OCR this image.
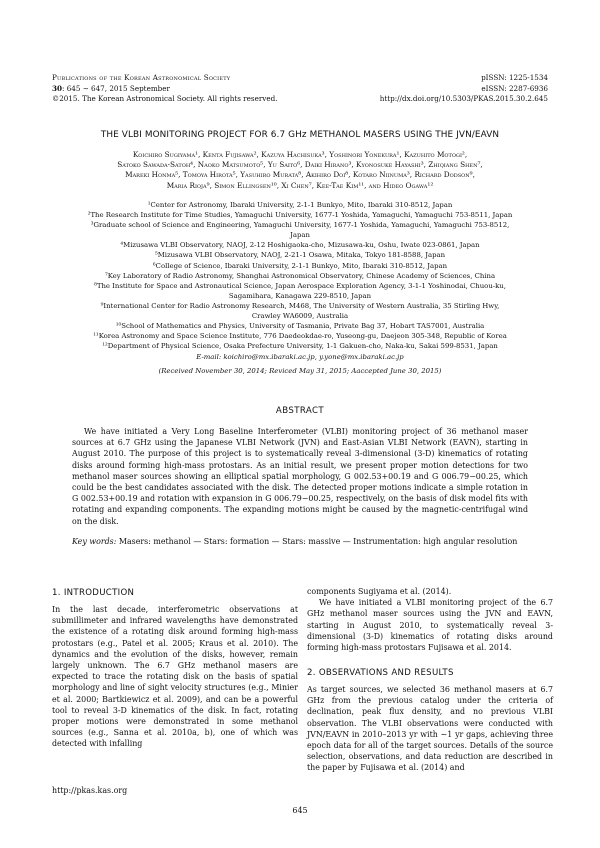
Publications of the Korean Astronomical Society
30: 645 ∼ 647, 2015 September
©2015. The Korean Astronomical Society. All rights reserved.
pISSN: 1225-1534
eISSN: 2287-6936
http://dx.doi.org/10.5303/PKAS.2015.30.2.645
THE VLBI MONITORING PROJECT FOR 6.7 GHz METHANOL MASERS USING THE JVN/EAVN
Koichiro Sugiyama¹, Kenta Fujisawa², Kazuya Hachisuka³, Yoshinori Yonekura¹, Kazuhito Motogi²,
Satoko Sawada-Satoh⁴, Naoko Matsumoto⁵, Yu Saito⁶, Daiki Hirano³, Kyonosuke Hayashi³, Zhiqiang Shen⁷,
Mareki Honma⁵, Tomoya Hirota⁵, Yasuhiro Murata⁸, Akihiro Doi⁸, Kotaro Niinuma³, Richard Dodson⁹,
Maria Rioja⁹, Simon Ellingsen¹⁰, Xi Chen⁷, Kee-Tae Kim¹¹, and Hideo Ogawa¹²
¹Center for Astronomy, Ibaraki University, 2-1-1 Bunkyo, Mito, Ibaraki 310-8512, Japan
²The Research Institute for Time Studies, Yamaguchi University, 1677-1 Yoshida, Yamaguchi, Yamaguchi 753-8511, Japan
³Graduate school of Science and Engineering, Yamaguchi University, 1677-1 Yoshida, Yamaguchi, Yamaguchi 753-8512,
Japan
⁴Mizusawa VLBI Observatory, NAOJ, 2-12 Hoshigaoka-cho, Mizusawa-ku, Oshu, Iwate 023-0861, Japan
⁵Mizusawa VLBI Observatory, NAOJ, 2-21-1 Osawa, Mitaka, Tokyo 181-8588, Japan
⁶College of Science, Ibaraki University, 2-1-1 Bunkyo, Mito, Ibaraki 310-8512, Japan
⁷Key Laboratory of Radio Astronomy, Shanghai Astronomical Observatory, Chinese Academy of Sciences, China
⁸The Institute for Space and Astronautical Science, Japan Aerospace Exploration Agency, 3-1-1 Yoshinodai, Chuou-ku,
Sagamihara, Kanagawa 229-8510, Japan
⁹International Center for Radio Astronomy Research, M468, The University of Western Australia, 35 Stirling Hwy,
Crawley WA6009, Australia
¹⁰School of Mathematics and Physics, University of Tasmania, Private Bag 37, Hobart TAS7001, Australia
¹¹Korea Astronomy and Space Science Institute, 776 Daedeokdae-ro, Yuseong-gu, Daejeon 305-348, Republic of Korea
¹²Department of Physical Science, Osaka Prefecture University, 1-1 Gakuen-cho, Naka-ku, Sakai 599-8531, Japan
E-mail: koichiro@mx.ibaraki.ac.jp, y.yone@mx.ibaraki.ac.jp
(Received November 30, 2014; Reviced May 31, 2015; Aaccepted June 30, 2015)
ABSTRACT
We have initiated a Very Long Baseline Interferometer (VLBI) monitoring project of 36 methanol maser sources at 6.7 GHz using the Japanese VLBI Network (JVN) and East-Asian VLBI Network (EAVN), starting in August 2010. The purpose of this project is to systematically reveal 3-dimensional (3-D) kinematics of rotating disks around forming high-mass protostars. As an initial result, we present proper motion detections for two methanol maser sources showing an elliptical spatial morphology, G 002.53+00.19 and G 006.79−00.25, which could be the best candidates associated with the disk. The detected proper motions indicate a simple rotation in G 002.53+00.19 and rotation with expansion in G 006.79−00.25, respectively, on the basis of disk model fits with rotating and expanding components. The expanding motions might be caused by the magnetic-centrifugal wind on the disk.
Key words: Masers: methanol — Stars: formation — Stars: massive — Instrumentation: high angular resolution
1. INTRODUCTION

In the last decade, interferometric observations at submillimeter and infrared wavelengths have demonstrated the existence of a rotating disk around forming high-mass protostars (e.g., Patel et al. 2005; Kraus et al. 2010). The dynamics and the evolution of the disks, however, remain largely unknown. The 6.7 GHz methanol masers are expected to trace the rotating disk on the basis of spatial morphology and line of sight velocity structures (e.g., Minier et al. 2000; Bartkiewicz et al. 2009), and can be a powerful tool to reveal 3-D kinematics of the disk. In fact, rotating proper motions were demonstrated in some methanol sources (e.g., Sanna et al. 2010a, b), one of which was detected with infalling

components Sugiyama et al. (2014).

We have initiated a VLBI monitoring project of the 6.7 GHz methanol maser sources using the JVN and EAVN, starting in August 2010, to systematically reveal 3-dimensional (3-D) kinematics of rotating disks around forming high-mass protostars Fujisawa et al. 2014.

2. OBSERVATIONS AND RESULTS

As target sources, we selected 36 methanol masers at 6.7 GHz from the previous catalog under the criteria of declination, peak flux density, and no previous VLBI observation. The VLBI observations were conducted with JVN/EAVN in 2010–2013 yr with ∼1 yr gaps, achieving three epoch data for all of the target sources. Details of the source selection, observations, and data reduction are described in the paper by Fujisawa et al. (2014) and

http://pkas.kas.org
645
